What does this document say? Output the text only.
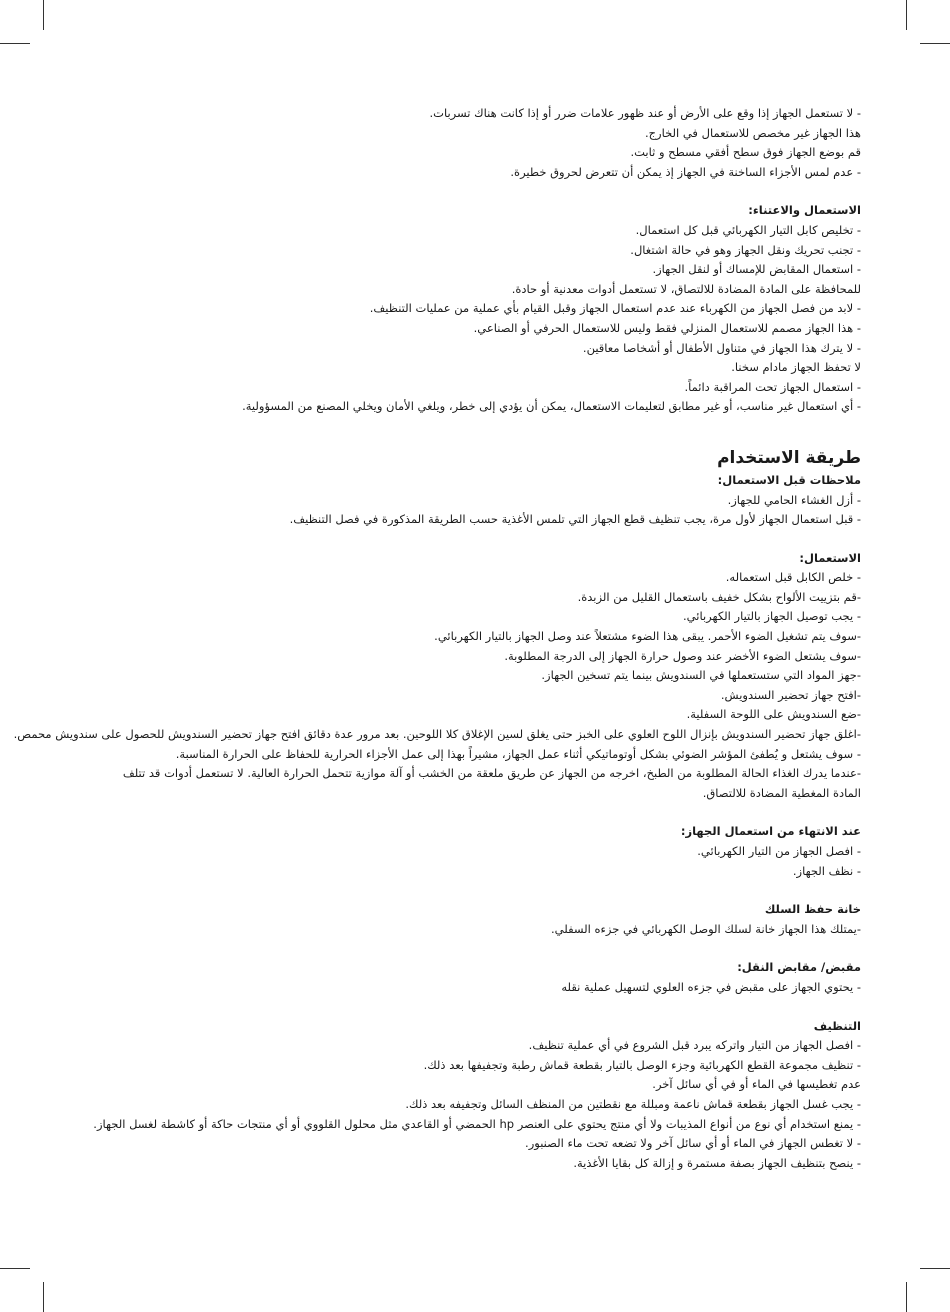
- لا تستعمل الجهاز إذا وقع على الأرض أو عند ظهور علامات ضرر أو إذا كانت هناك تسربات.
هذا الجهاز غير مخصص للاستعمال في الخارج.
قم بوضع الجهاز فوق سطح أفقي مسطح و ثابت.
- عدم لمس الأجزاء الساخنة في الجهاز إذ يمكن أن تتعرض لحروق خطيرة.
الاستعمال والاعتناء:
- تخليص كابل التيار الكهربائي قبل كل استعمال.
- تجنب تحريك ونقل الجهاز وهو في حالة اشتغال.
- استعمال المقابض للإمساك أو لنقل الجهاز.
للمحافظة على المادة المضادة للالتصاق، لا تستعمل أدوات معدنية أو حادة.
- لابد من فصل الجهاز من الكهرباء عند عدم استعمال الجهاز وقبل القيام بأي عملية من عمليات التنظيف.
- هذا الجهاز مصمم للاستعمال المنزلي فقط وليس للاستعمال الحرفي أو الصناعي.
- لا يترك هذا الجهاز في متناول الأطفال أو أشخاصا معاقين.
لا تحفظ الجهاز مادام سخنا.
- استعمال الجهاز تحت المراقبة دائماً.
- أي استعمال غير مناسب، أو غير مطابق لتعليمات الاستعمال، يمكن أن يؤدي إلى خطر، ويلغي الأمان ويخلي المصنع من المسؤولية.
طريقة الاستخدام
ملاحظات قبل الاستعمال:
- أزل الغشاء الحامي للجهاز.
- قبل استعمال الجهاز لأول مرة، يجب تنظيف قطع الجهاز التي تلمس الأغذية حسب الطريقة المذكورة في فصل التنظيف.
الاستعمال:
- خلص الكابل قبل استعماله.
-قم بتزييت الألواح بشكل خفيف باستعمال القليل من الزبدة.
- يجب توصيل الجهاز بالتيار الكهربائي.
-سوف يتم تشغيل الضوء الأحمر. يبقى هذا الضوء مشتعلاً عند وصل الجهاز بالتيار الكهربائي.
-سوف يشتعل الضوء الأخضر عند وصول حرارة الجهاز إلى الدرجة المطلوبة.
-جهز المواد التي ستستعملها في السندويش بينما يتم تسخين الجهاز.
-افتح جهاز تحضير السندويش.
-ضع السندويش على اللوحة السفلية.
-اغلق جهاز تحضير السندويش بإنزال اللوح العلوي على الخبز حتى يغلق لسين الإغلاق كلا اللوحين. بعد مرور عدة دقائق افتح جهاز تحضير السندويش للحصول على سندويش محمص.
- سوف يشتعل و يُطفئ المؤشر الضوئي بشكل أوتوماتيكي أثناء عمل الجهاز، مشيراً بهذا إلى عمل الأجزاء الحرارية للحفاظ على الحرارة المناسبة.
-عندما يدرك الغذاء الحالة المطلوبة من الطبخ، اخرجه من الجهاز عن طريق ملعقة من الخشب أو آلة موازية تتحمل الحرارة العالية. لا تستعمل أدوات قد تتلف المادة المغطية المضادة للالتصاق.
عند الانتهاء من استعمال الجهاز:
- افصل الجهاز من التيار الكهربائي.
- نظف الجهاز.
خانة حفظ السلك
-يمتلك هذا الجهاز خانة لسلك الوصل الكهربائي في جزءه السفلي.
مقبض/ مقابض النقل:
- يحتوي الجهاز على مقبض في جزءه العلوي لتسهيل عملية نقله
التنظيف
- افصل الجهاز من التيار واتركه يبرد قبل الشروع في أي عملية تنظيف.
- تنظيف مجموعة القطع الكهربائية وجزء الوصل بالتيار بقطعة قماش رطبة وتجفيفها بعد ذلك.
عدم تغطيسها في الماء أو في أي سائل آخر.
- يجب غسل الجهاز بقطعة قماش ناعمة ومبللة مع نقطتين من المنظف السائل وتجفيفه بعد ذلك.
- يمنع استخدام أي نوع من أنواع المذيبات ولا أي منتج يحتوي على العنصر hp الحمضي أو القاعدي مثل محلول القلووي أو أي منتجات حاكة أو كاشطة لغسل الجهاز.
- لا تغطس الجهاز في الماء أو أي سائل آخر ولا تضعه تحت ماء الصنبور.
- ينصح بتنظيف الجهاز بصفة مستمرة و إزالة كل بقايا الأغذية.
